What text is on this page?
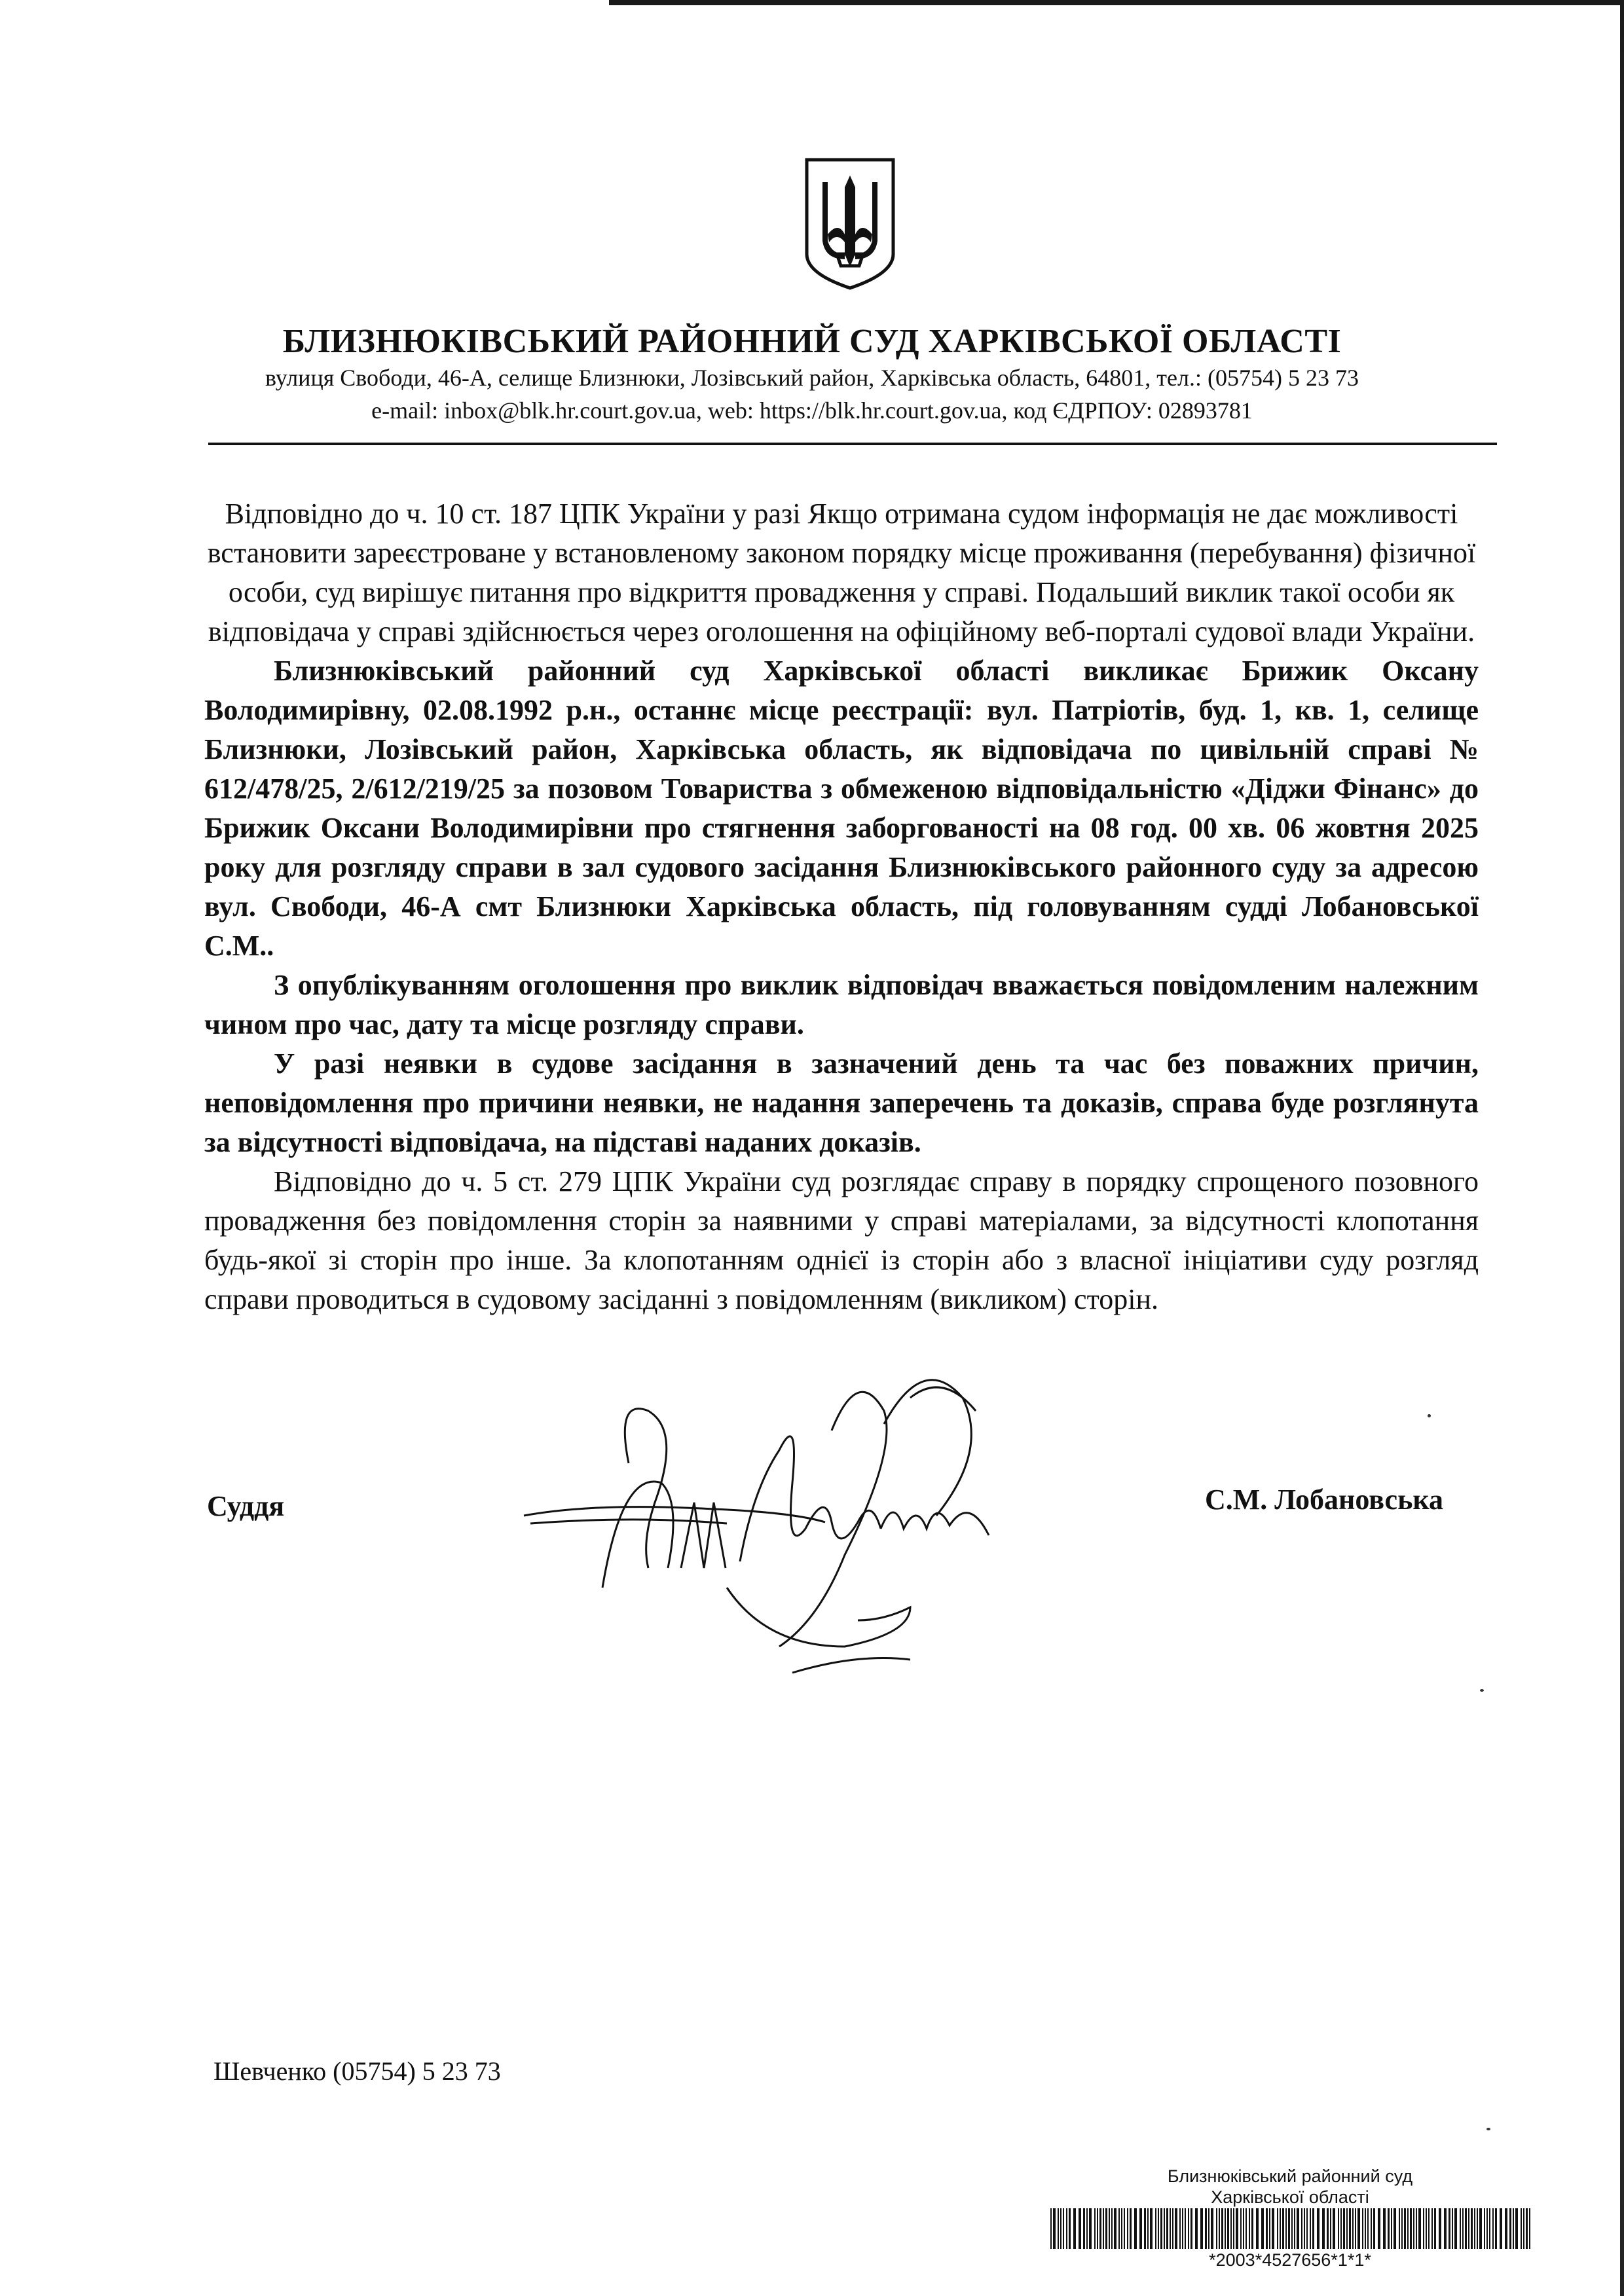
БЛИЗНЮКІВСЬКИЙ РАЙОННИЙ СУД ХАРКІВСЬКОЇ ОБЛАСТІ
вулиця Свободи, 46-А, селище Близнюки, Лозівський район, Харківська область, 64801, тел.: (05754) 5 23 73
e-mail: inbox@blk.hr.court.gov.ua, web: https://blk.hr.court.gov.ua, код ЄДРПОУ: 02893781

Відповідно до ч. 10 ст. 187 ЦПК України у разі Якщо отримана судом інформація не дає можливості встановити зареєстроване у встановленому законом порядку місце проживання (перебування) фізичної особи, суд вирішує питання про відкриття провадження у справі. Подальший виклик такої особи як відповідача у справі здійснюється через оголошення на офіційному веб-порталі судової влади України.

Близнюківський районний суд Харківської області викликає Брижик Оксану Володимирівну, 02.08.1992 р.н., останнє місце реєстрації: вул. Патріотів, буд. 1, кв. 1, селище Близнюки, Лозівський район, Харківська область, як відповідача по цивільній справі № 612/478/25, 2/612/219/25 за позовом Товариства з обмеженою відповідальністю «Діджи Фінанс» до Брижик Оксани Володимирівни про стягнення заборгованості на 08 год. 00 хв. 06 жовтня 2025 року для розгляду справи в зал судового засідання Близнюківського районного суду за адресою вул. Свободи, 46-А смт Близнюки Харківська область, під головуванням судді Лобановської С.М..

З опублікуванням оголошення про виклик відповідач вважається повідомленим належним чином про час, дату та місце розгляду справи.

У разі неявки в судове засідання в зазначений день та час без поважних причин, неповідомлення про причини неявки, не надання заперечень та доказів, справа буде розглянута за відсутності відповідача, на підставі наданих доказів.

Відповідно до ч. 5 ст. 279 ЦПК України суд розглядає справу в порядку спрощеного позовного провадження без повідомлення сторін за наявними у справі матеріалами, за відсутності клопотання будь-якої зі сторін про інше. За клопотанням однієї із сторін або з власної ініціативи суду розгляд справи проводиться в судовому засіданні з повідомленням (викликом) сторін.

Суддя	С.М. Лобановська
Шевченко (05754) 5 23 73
Близнюківський районний суд
Харківської області
*2003*4527656*1*1*
